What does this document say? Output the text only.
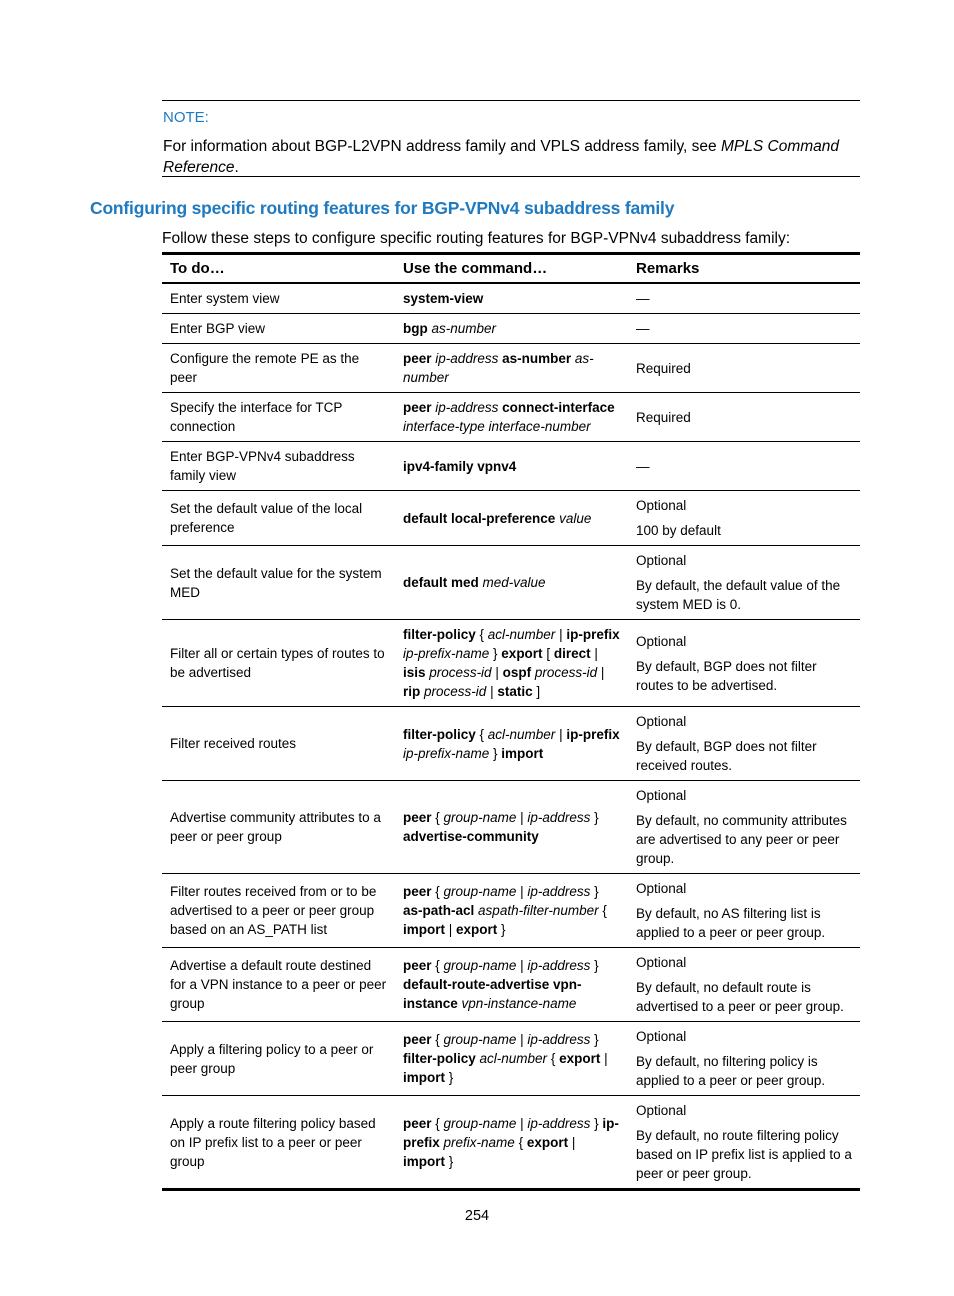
NOTE:
For information about BGP-L2VPN address family and VPLS address family, see MPLS Command Reference.
Configuring specific routing features for BGP-VPNv4 subaddress family
Follow these steps to configure specific routing features for BGP-VPNv4 subaddress family:
To do…	Use the command…	Remarks
Enter system view	system-view	—

Enter BGP view	bgp as-number	—

Configure the remote PE as the peer	peer ip-address as-number as-number	Required

Specify the interface for TCP connection	peer ip-address connect-interface interface-type interface-number	Required

Enter BGP-VPNv4 subaddress family view	ipv4-family vpnv4	—

Set the default value of the local preference	default local-preference value	Optional
100 by default

Set the default value for the system MED	default med med-value	Optional
By default, the default value of the system MED is 0.

Filter all or certain types of routes to be advertised	filter-policy { acl-number | ip-prefix ip-prefix-name } export [ direct | isis process-id | ospf process-id | rip process-id | static ]	Optional
By default, BGP does not filter routes to be advertised.

Filter received routes	filter-policy { acl-number | ip-prefix ip-prefix-name } import	Optional
By default, BGP does not filter received routes.

Advertise community attributes to a peer or peer group	peer { group-name | ip-address } advertise-community	Optional
By default, no community attributes are advertised to any peer or peer group.

Filter routes received from or to be advertised to a peer or peer group based on an AS_PATH list	peer { group-name | ip-address } as-path-acl aspath-filter-number { import | export }	Optional
By default, no AS filtering list is applied to a peer or peer group.

Advertise a default route destined for a VPN instance to a peer or peer group	peer { group-name | ip-address } default-route-advertise vpn-instance vpn-instance-name	Optional
By default, no default route is advertised to a peer or peer group.

Apply a filtering policy to a peer or peer group	peer { group-name | ip-address } filter-policy acl-number { export | import }	Optional
By default, no filtering policy is applied to a peer or peer group.

Apply a route filtering policy based on IP prefix list to a peer or peer group	peer { group-name | ip-address } ip-prefix prefix-name { export | import }	Optional
By default, no route filtering policy based on IP prefix list is applied to a peer or peer group.
254
